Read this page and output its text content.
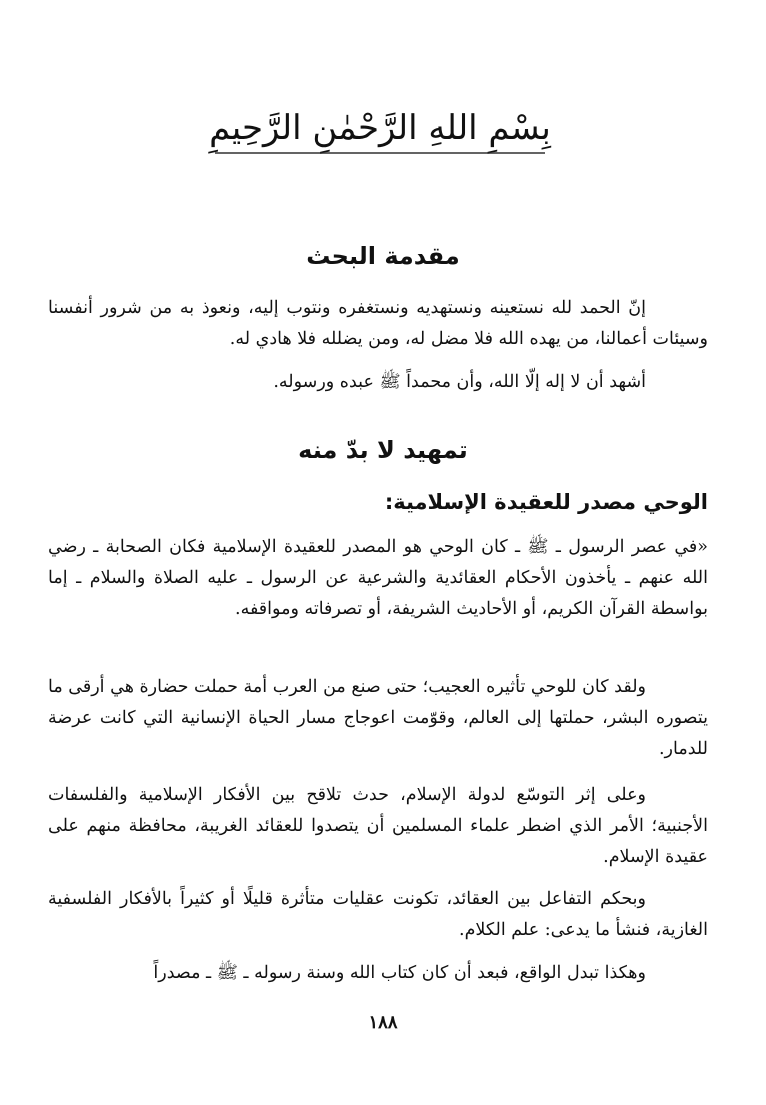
بِسْمِ اللهِ الرَّحْمٰنِ الرَّحِيمِ
مقدمة البحث
إنّ الحمد لله نستعينه ونستهديه ونستغفره ونتوب إليه، ونعوذ به من شرور أنفسنا وسيئات أعمالنا، من يهده الله فلا مضل له، ومن يضلله فلا هادي له.
أشهد أن لا إله إلّا الله، وأن محمداً ﷺ عبده ورسوله.
تمهيد لا بدّ منه
الوحي مصدر للعقيدة الإسلامية:
«في عصر الرسول ـ ﷺ ـ كان الوحي هو المصدر للعقيدة الإسلامية فكان الصحابة ـ رضي الله عنهم ـ يأخذون الأحكام العقائدية والشرعية عن الرسول ـ عليه الصلاة والسلام ـ إما بواسطة القرآن الكريم، أو الأحاديث الشريفة، أو تصرفاته ومواقفه.
ولقد كان للوحي تأثيره العجيب؛ حتى صنع من العرب أمة حملت حضارة هي أرقى ما يتصوره البشر، حملتها إلى العالم، وقوّمت اعوجاج مسار الحياة الإنسانية التي كانت عرضة للدمار.
وعلى إثر التوسّع لدولة الإسلام، حدث تلاقح بين الأفكار الإسلامية والفلسفات الأجنبية؛ الأمر الذي اضطر علماء المسلمين أن يتصدوا للعقائد الغريبة، محافظة منهم على عقيدة الإسلام.
وبحكم التفاعل بين العقائد، تكونت عقليات متأثرة قليلًا أو كثيراً بالأفكار الفلسفية الغازية، فنشأ ما يدعى: علم الكلام.
وهكذا تبدل الواقع، فبعد أن كان كتاب الله وسنة رسوله ـ ﷺ ـ مصدراً
١٨٨
